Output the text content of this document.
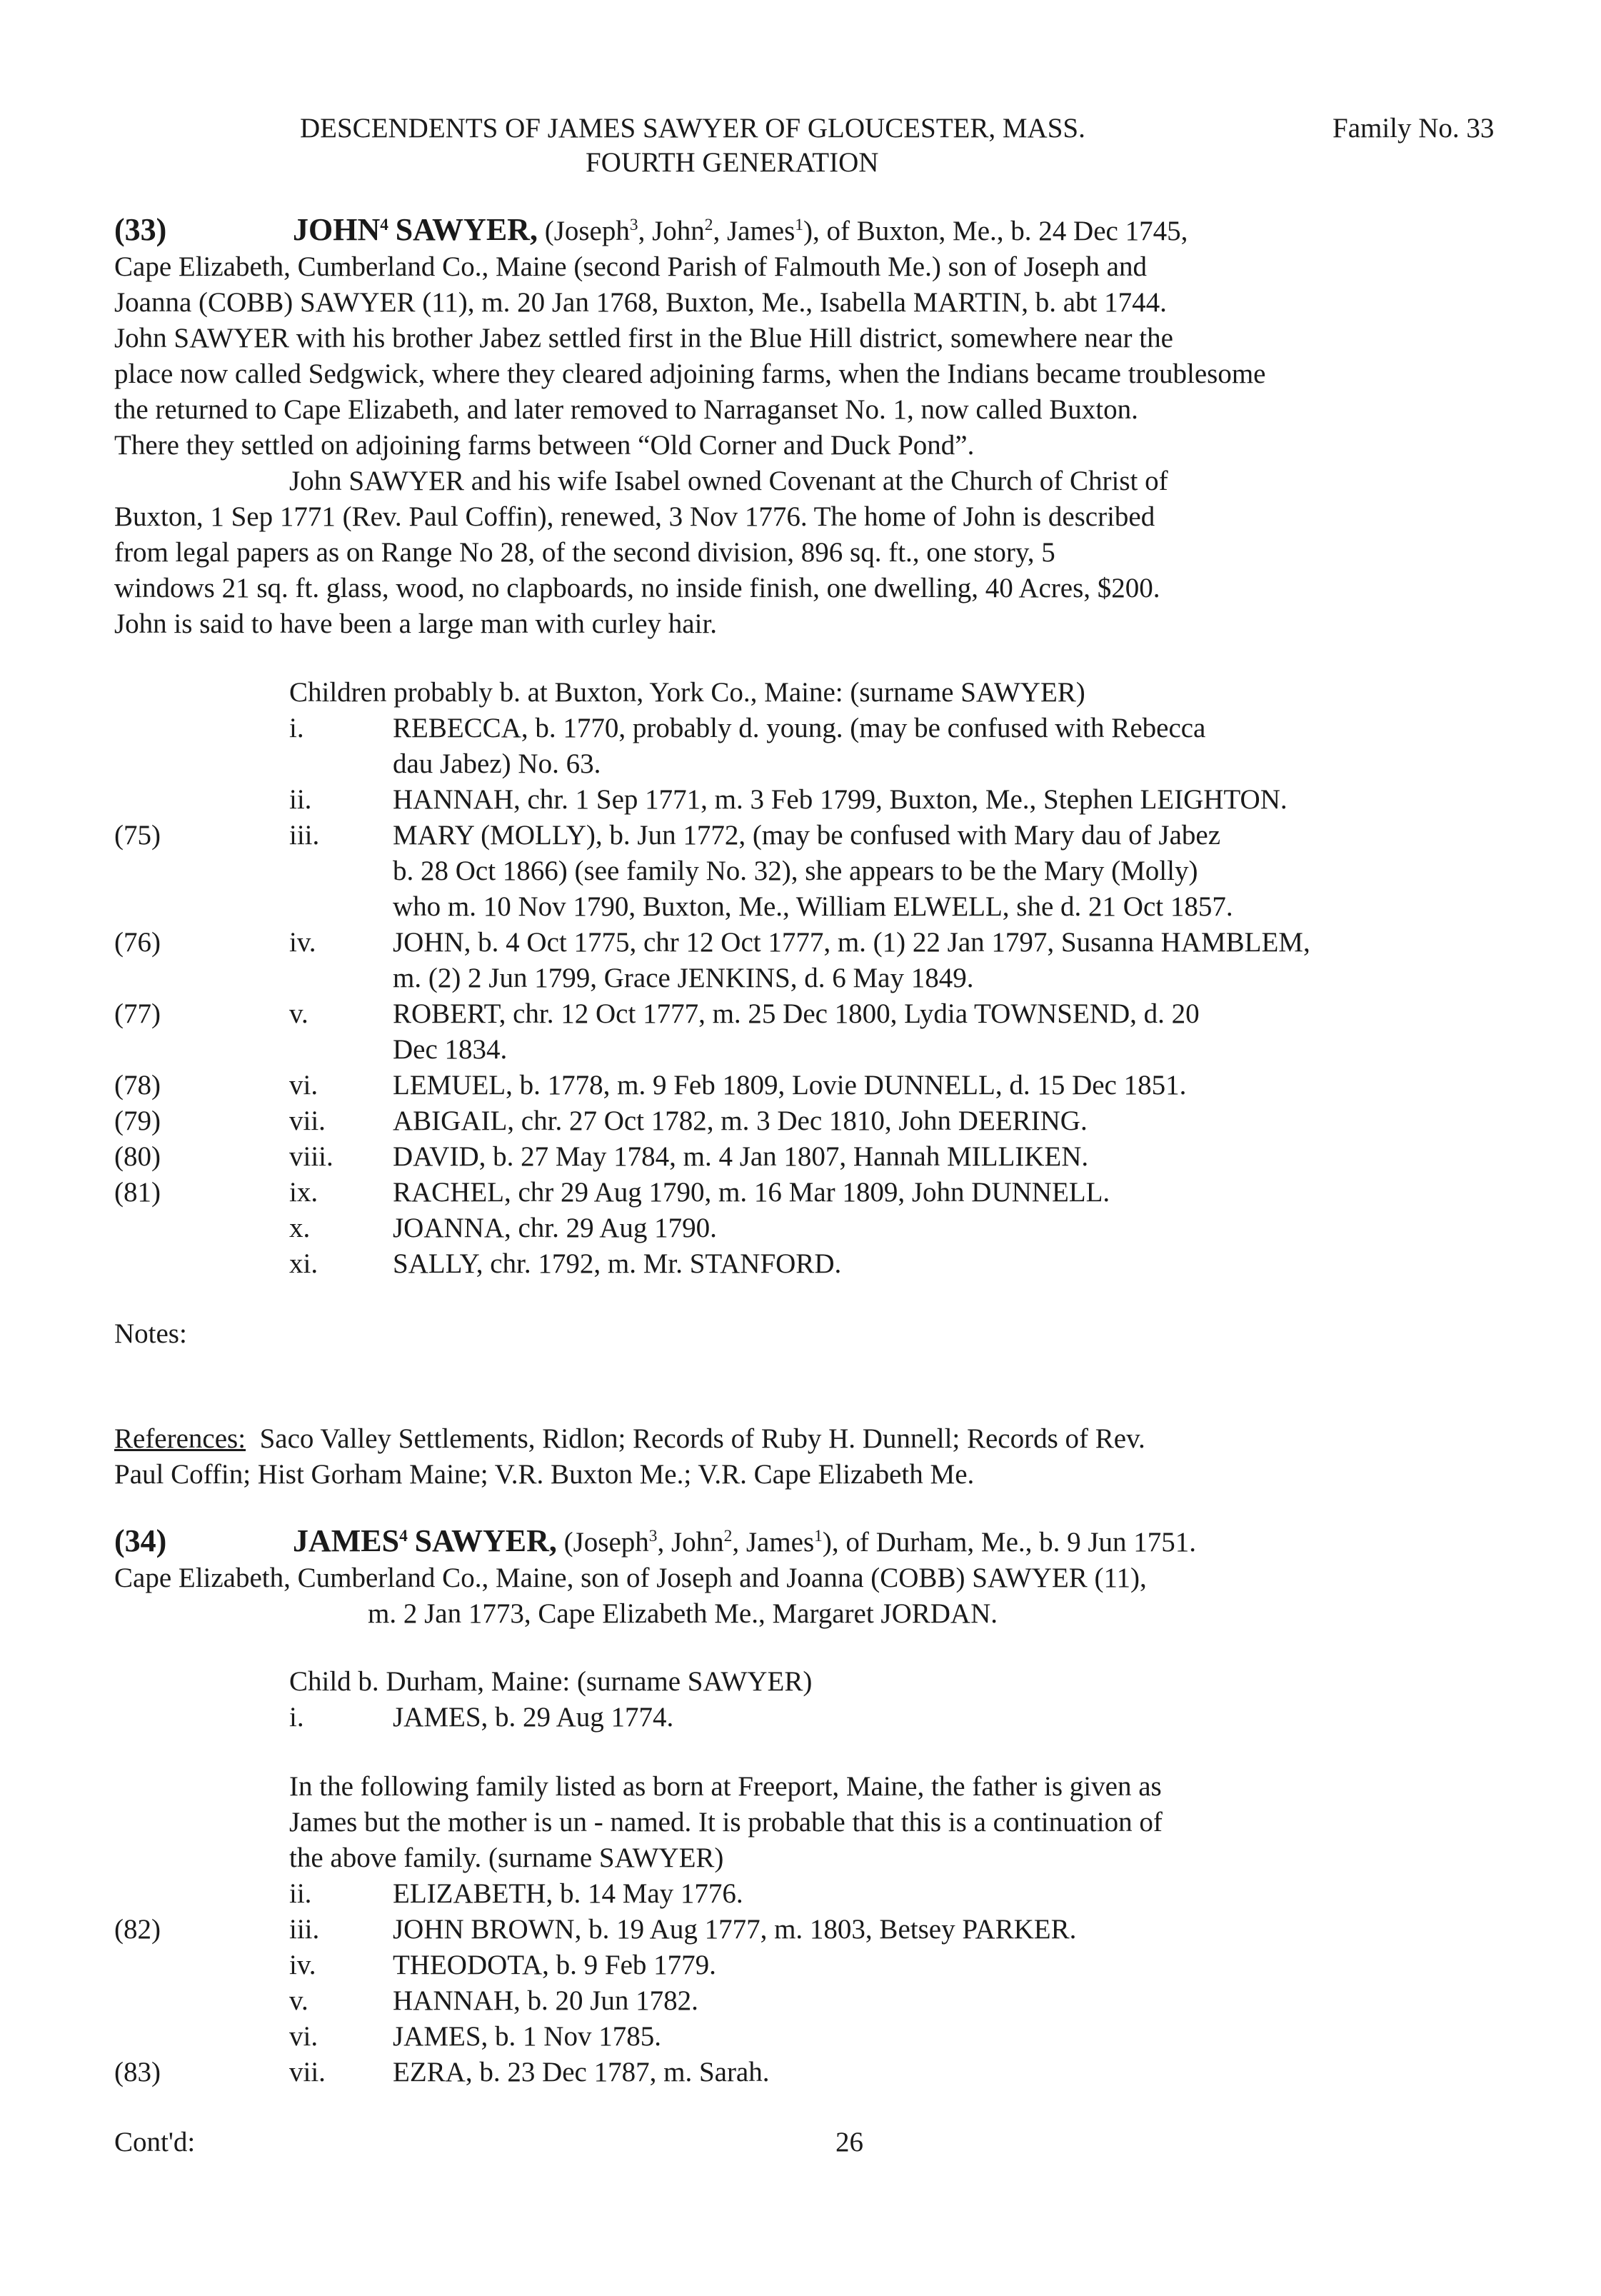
DESCENDENTS OF JAMES SAWYER OF GLOUCESTER, MASS.	Family No. 33
FOURTH GENERATION
(33)	JOHN$^4$ SAWYER, (Joseph$^3$, John$^2$, James$^1$), of Buxton, Me., b. 24 Dec 1745,
Cape Elizabeth, Cumberland Co., Maine (second Parish of Falmouth Me.) son of Joseph and
Joanna (COBB) SAWYER (11), m. 20 Jan 1768, Buxton, Me., Isabella MARTIN, b. abt 1744.
John SAWYER with his brother Jabez settled first in the Blue Hill district, somewhere near the
place now called Sedgwick, where they cleared adjoining farms, when the Indians became troublesome
the returned to Cape Elizabeth, and later removed to Narraganset No. 1, now called Buxton.
There they settled on adjoining farms between “Old Corner and Duck Pond”.
John SAWYER and his wife Isabel owned Covenant at the Church of Christ of
Buxton, 1 Sep 1771 (Rev. Paul Coffin), renewed, 3 Nov 1776. The home of John is described
from legal papers as on Range No 28, of the second division, 896 sq. ft., one story, 5
windows 21 sq. ft. glass, wood, no clapboards, no inside finish, one dwelling, 40 Acres, $200.
John is said to have been a large man with curley hair.
Children probably b. at Buxton, York Co., Maine: (surname SAWYER)
i.	REBECCA, b. 1770, probably d. young. (may be confused with Rebecca
dau Jabez) No. 63.
ii.	HANNAH, chr. 1 Sep 1771, m. 3 Feb 1799, Buxton, Me., Stephen LEIGHTON.
(75)	iii.	MARY (MOLLY), b. Jun 1772, (may be confused with Mary dau of Jabez
b. 28 Oct 1866) (see family No. 32), she appears to be the Mary (Molly)
who m. 10 Nov 1790, Buxton, Me., William ELWELL, she d. 21 Oct 1857.
(76)	iv.	JOHN, b. 4 Oct 1775, chr 12 Oct 1777, m. (1) 22 Jan 1797, Susanna HAMBLEM,
m. (2) 2 Jun 1799, Grace JENKINS, d. 6 May 1849.
(77)	v.	ROBERT, chr. 12 Oct 1777, m. 25 Dec 1800, Lydia TOWNSEND, d. 20
Dec 1834.
(78)	vi.	LEMUEL, b. 1778, m. 9 Feb 1809, Lovie DUNNELL, d. 15 Dec 1851.
(79)	vii.	ABIGAIL, chr. 27 Oct 1782, m. 3 Dec 1810, John DEERING.
(80)	viii.	DAVID, b. 27 May 1784, m. 4 Jan 1807, Hannah MILLIKEN.
(81)	ix.	RACHEL, chr 29 Aug 1790, m. 16 Mar 1809, John DUNNELL.
x.	JOANNA, chr. 29 Aug 1790.
xi.	SALLY, chr. 1792, m. Mr. STANFORD.
Notes:
References: Saco Valley Settlements, Ridlon; Records of Ruby H. Dunnell; Records of Rev.
Paul Coffin; Hist Gorham Maine; V.R. Buxton Me.; V.R. Cape Elizabeth Me.
(34)	JAMES$^4$ SAWYER, (Joseph$^3$, John$^2$, James$^1$), of Durham, Me., b. 9 Jun 1751.
Cape Elizabeth, Cumberland Co., Maine, son of Joseph and Joanna (COBB) SAWYER (11),
m. 2 Jan 1773, Cape Elizabeth Me., Margaret JORDAN.
Child b. Durham, Maine: (surname SAWYER)
i.	JAMES, b. 29 Aug 1774.
In the following family listed as born at Freeport, Maine, the father is given as
James but the mother is un - named. It is probable that this is a continuation of
the above family. (surname SAWYER)
ii.	ELIZABETH, b. 14 May 1776.
(82)	iii.	JOHN BROWN, b. 19 Aug 1777, m. 1803, Betsey PARKER.
iv.	THEODOTA, b. 9 Feb 1779.
v.	HANNAH, b. 20 Jun 1782.
vi.	JAMES, b. 1 Nov 1785.
(83)	vii.	EZRA, b. 23 Dec 1787, m. Sarah.
Cont'd:	26
